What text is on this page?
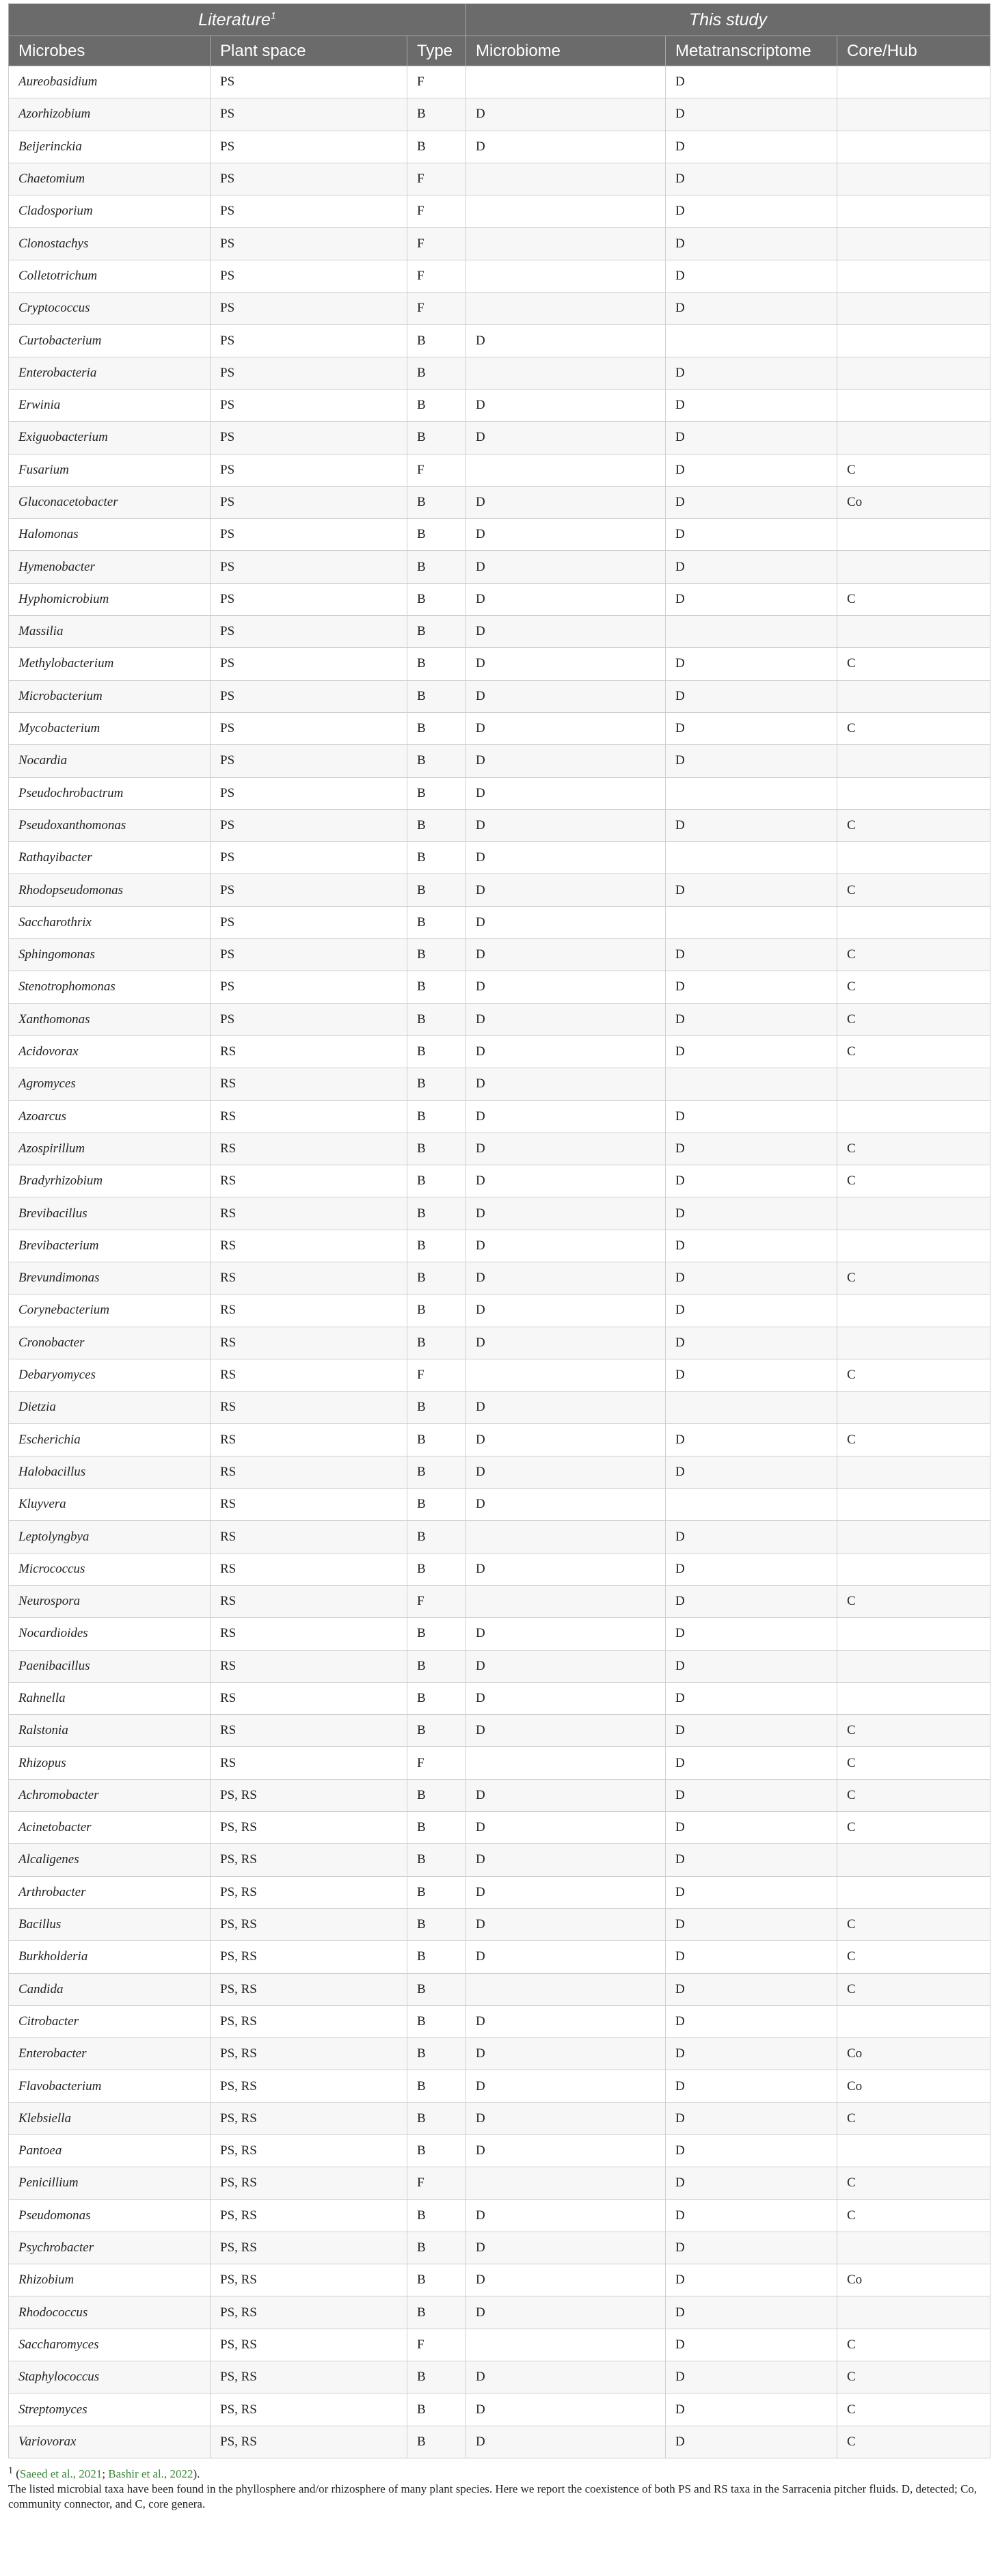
Literature$^1$			This study		
Microbes	Plant space	Type	Microbiome	Metatranscriptome	Core/Hub
Aureobasidium	PS	F		D	
Azorhizobium	PS	B	D	D	
Beijerinckia	PS	B	D	D	
Chaetomium	PS	F		D	
Cladosporium	PS	F		D	
Clonostachys	PS	F		D	
Colletotrichum	PS	F		D	
Cryptococcus	PS	F		D	
Curtobacterium	PS	B	D		
Enterobacteria	PS	B		D	
Erwinia	PS	B	D	D	
Exiguobacterium	PS	B	D	D	
Fusarium	PS	F		D	C
Gluconacetobacter	PS	B	D	D	Co
Halomonas	PS	B	D	D	
Hymenobacter	PS	B	D	D	
Hyphomicrobium	PS	B	D	D	C
Massilia	PS	B	D		
Methylobacterium	PS	B	D	D	C
Microbacterium	PS	B	D	D	
Mycobacterium	PS	B	D	D	C
Nocardia	PS	B	D	D	
Pseudochrobactrum	PS	B	D		
Pseudoxanthomonas	PS	B	D	D	C
Rathayibacter	PS	B	D		
Rhodopseudomonas	PS	B	D	D	C
Saccharothrix	PS	B	D		
Sphingomonas	PS	B	D	D	C
Stenotrophomonas	PS	B	D	D	C
Xanthomonas	PS	B	D	D	C
Acidovorax	RS	B	D	D	C
Agromyces	RS	B	D		
Azoarcus	RS	B	D	D	
Azospirillum	RS	B	D	D	C
Bradyrhizobium	RS	B	D	D	C
Brevibacillus	RS	B	D	D	
Brevibacterium	RS	B	D	D	
Brevundimonas	RS	B	D	D	C
Corynebacterium	RS	B	D	D	
Cronobacter	RS	B	D	D	
Debaryomyces	RS	F		D	C
Dietzia	RS	B	D		
Escherichia	RS	B	D	D	C
Halobacillus	RS	B	D	D	
Kluyvera	RS	B	D		
Leptolyngbya	RS	B		D	
Micrococcus	RS	B	D	D	
Neurospora	RS	F		D	C
Nocardioides	RS	B	D	D	
Paenibacillus	RS	B	D	D	
Rahnella	RS	B	D	D	
Ralstonia	RS	B	D	D	C
Rhizopus	RS	F		D	C
Achromobacter	PS, RS	B	D	D	C
Acinetobacter	PS, RS	B	D	D	C
Alcaligenes	PS, RS	B	D	D	
Arthrobacter	PS, RS	B	D	D	
Bacillus	PS, RS	B	D	D	C
Burkholderia	PS, RS	B	D	D	C
Candida	PS, RS	B		D	C
Citrobacter	PS, RS	B	D	D	
Enterobacter	PS, RS	B	D	D	Co
Flavobacterium	PS, RS	B	D	D	Co
Klebsiella	PS, RS	B	D	D	C
Pantoea	PS, RS	B	D	D	
Penicillium	PS, RS	F		D	C
Pseudomonas	PS, RS	B	D	D	C
Psychrobacter	PS, RS	B	D	D	
Rhizobium	PS, RS	B	D	D	Co
Rhodococcus	PS, RS	B	D	D	
Saccharomyces	PS, RS	F		D	C
Staphylococcus	PS, RS	B	D	D	C
Streptomyces	PS, RS	B	D	D	C
Variovorax	PS, RS	B	D	D	C
$^1$ (Saeed et al., 2021; Bashir et al., 2022).
The listed microbial taxa have been found in the phyllosphere and/or rhizosphere of many plant species. Here we report the coexistence of both PS and RS taxa in the Sarracenia pitcher fluids. D, detected; Co, community connector, and C, core genera.
